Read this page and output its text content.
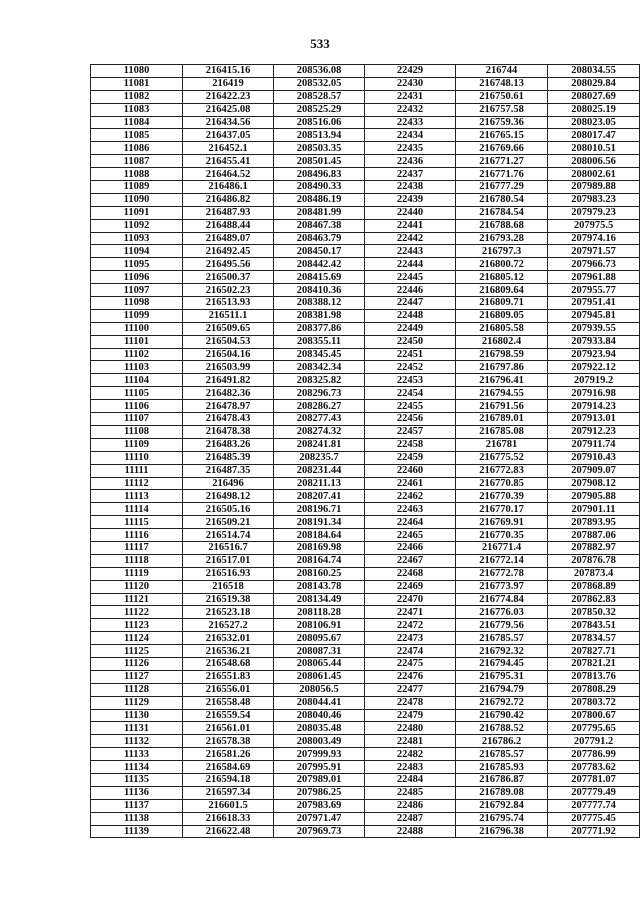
533
11080	216415.16	208536.08	22429	216744	208034.55
11081	216419	208532.05	22430	216748.13	208029.84
11082	216422.23	208528.57	22431	216750.61	208027.69
11083	216425.08	208525.29	22432	216757.58	208025.19
11084	216434.56	208516.06	22433	216759.36	208023.05
11085	216437.05	208513.94	22434	216765.15	208017.47
11086	216452.1	208503.35	22435	216769.66	208010.51
11087	216455.41	208501.45	22436	216771.27	208006.56
11088	216464.52	208496.83	22437	216771.76	208002.61
11089	216486.1	208490.33	22438	216777.29	207989.88
11090	216486.82	208486.19	22439	216780.54	207983.23
11091	216487.93	208481.99	22440	216784.54	207979.23
11092	216488.44	208467.38	22441	216788.68	207975.5
11093	216489.07	208463.79	22442	216793.28	207974.16
11094	216492.45	208450.17	22443	216797.3	207971.57
11095	216495.56	208442.42	22444	216800.72	207966.73
11096	216500.37	208415.69	22445	216805.12	207961.88
11097	216502.23	208410.36	22446	216809.64	207955.77
11098	216513.93	208388.12	22447	216809.71	207951.41
11099	216511.1	208381.98	22448	216809.05	207945.81
11100	216509.65	208377.86	22449	216805.58	207939.55
11101	216504.53	208355.11	22450	216802.4	207933.84
11102	216504.16	208345.45	22451	216798.59	207923.94
11103	216503.99	208342.34	22452	216797.86	207922.12
11104	216491.82	208325.82	22453	216796.41	207919.2
11105	216482.36	208296.73	22454	216794.55	207916.98
11106	216478.97	208286.27	22455	216791.56	207914.23
11107	216478.43	208277.43	22456	216789.01	207913.01
11108	216478.38	208274.32	22457	216785.08	207912.23
11109	216483.26	208241.81	22458	216781	207911.74
11110	216485.39	208235.7	22459	216775.52	207910.43
11111	216487.35	208231.44	22460	216772.83	207909.07
11112	216496	208211.13	22461	216770.85	207908.12
11113	216498.12	208207.41	22462	216770.39	207905.88
11114	216505.16	208196.71	22463	216770.17	207901.11
11115	216509.21	208191.34	22464	216769.91	207893.95
11116	216514.74	208184.64	22465	216770.35	207887.06
11117	216516.7	208169.98	22466	216771.4	207882.97
11118	216517.01	208164.74	22467	216772.14	207876.78
11119	216516.93	208160.25	22468	216772.78	207873.4
11120	216518	208143.78	22469	216773.97	207868.89
11121	216519.38	208134.49	22470	216774.84	207862.83
11122	216523.18	208118.28	22471	216776.03	207850.32
11123	216527.2	208106.91	22472	216779.56	207843.51
11124	216532.01	208095.67	22473	216785.57	207834.57
11125	216536.21	208087.31	22474	216792.32	207827.71
11126	216548.68	208065.44	22475	216794.45	207821.21
11127	216551.83	208061.45	22476	216795.31	207813.76
11128	216556.01	208056.5	22477	216794.79	207808.29
11129	216558.48	208044.41	22478	216792.72	207803.72
11130	216559.54	208040.46	22479	216790.42	207800.67
11131	216561.01	208035.48	22480	216788.52	207795.65
11132	216578.38	208003.49	22481	216786.2	207791.2
11133	216581.26	207999.93	22482	216785.57	207786.99
11134	216584.69	207995.91	22483	216785.93	207783.62
11135	216594.18	207989.01	22484	216786.87	207781.07
11136	216597.34	207986.25	22485	216789.08	207779.49
11137	216601.5	207983.69	22486	216792.84	207777.74
11138	216618.33	207971.47	22487	216795.74	207775.45
11139	216622.48	207969.73	22488	216796.38	207771.92
